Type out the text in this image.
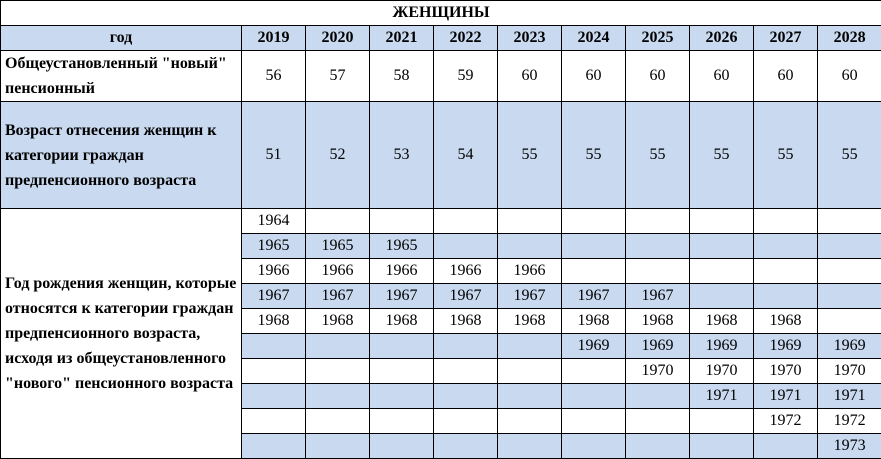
ЖЕНЩИНЫ										
год	2019	2020	2021	2022	2023	2024	2025	2026	2027	2028
Общеустановленный "новый" пенсионный	56	57	58	59	60	60	60	60	60	60
Возраст отнесения женщин к категории граждан предпенсионного возраста	51	52	53	54	55	55	55	55	55	55
Год рождения женщин, которые относятся к категории граждан предпенсионного возраста, исходя из общеустановленного "нового" пенсионного возраста	1964									
	1965	1965	1965							
	1966	1966	1966	1966	1966					
	1967	1967	1967	1967	1967	1967	1967			
	1968	1968	1968	1968	1968	1968	1968	1968	1968	
						1969	1969	1969	1969	1969
							1970	1970	1970	1970
								1971	1971	1971
									1972	1972
										1973
